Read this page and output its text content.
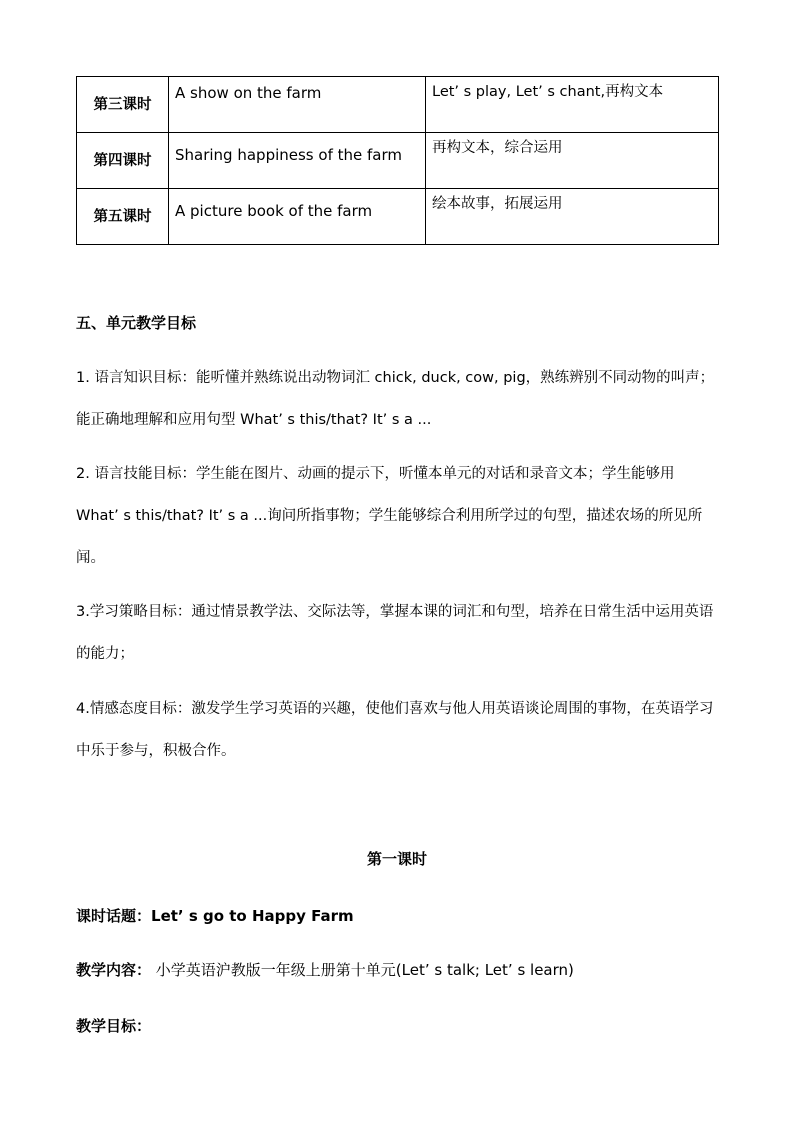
第三课时	A show on the farm	Let’ s play, Let’ s chant,再构文本

第四课时	Sharing happiness of the farm	再构文本，综合运用

第五课时	A picture book of the farm	绘本故事，拓展运用
五、单元教学目标
1. 语言知识目标：能听懂并熟练说出动物词汇 chick, duck, cow, pig，熟练辨别不同动物的叫声；能正确地理解和应用句型 What’ s this/that? It’ s a ...
2. 语言技能目标：学生能在图片、动画的提示下，听懂本单元的对话和录音文本；学生能够用 What’ s this/that? It’ s a ...询问所指事物；学生能够综合利用所学过的句型，描述农场的所见所闻。
3.学习策略目标：通过情景教学法、交际法等，掌握本课的词汇和句型，培养在日常生活中运用英语的能力；
4.情感态度目标：激发学生学习英语的兴趣，使他们喜欢与他人用英语谈论周围的事物，在英语学习中乐于参与，积极合作。
第一课时
课时话题：Let’ s go to Happy Farm
教学内容： 小学英语沪教版一年级上册第十单元(Let’ s talk; Let’ s learn)
教学目标：
